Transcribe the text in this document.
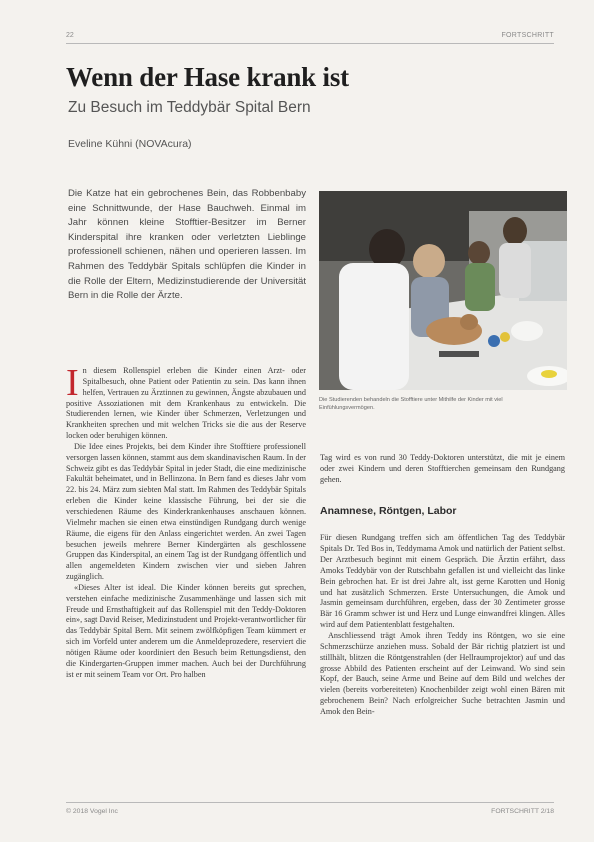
22	FORTSCHRITT
Wenn der Hase krank ist
Zu Besuch im Teddybär Spital Bern
Eveline Kühni (NOVAcura)

Die Katze hat ein gebrochenes Bein, das Robbenbaby eine Schnittwunde, der Hase Bauchweh. Einmal im Jahr können kleine Stofftier-Besitzer im Berner Kinderspital ihre kranken oder verletzten Lieblinge professionell schienen, nähen und operieren lassen. Im Rahmen des Teddybär Spitals schlüpfen die Kinder in die Rolle der Eltern, Medizinstudierende der Universität Bern in die Rolle der Ärzte.

Die Studierenden behandeln die Stofftiere unter Mithilfe der Kinder mit viel Einfühlungsvermögen.

In diesem Rollenspiel erleben die Kinder einen Arzt- oder Spitalbesuch, ohne Patient oder Patientin zu sein. Das kann ihnen helfen, Vertrauen zu Ärztinnen zu gewinnen, Ängste abzubauen und positive Assoziationen mit dem Krankenhaus zu entwickeln. Die Studierenden lernen, wie Kinder über Schmerzen, Verletzungen und Krankheiten sprechen und mit welchen Tricks sie die aus der Reserve locken oder beruhigen können.

Die Idee eines Projekts, bei dem Kinder ihre Stofftiere professionell versorgen lassen können, stammt aus dem skandinavischen Raum. In der Schweiz gibt es das Teddybär Spital in jeder Stadt, die eine medizinische Fakultät beheimatet, und in Bellinzona. In Bern fand es dieses Jahr vom 22. bis 24. März zum siebten Mal statt. Im Rahmen des Teddybär Spitals erleben die Kinder keine klassische Führung, bei der sie die verschiedenen Räume des Kinderkrankenhauses anschauen können. Vielmehr machen sie einen etwa einstündigen Rundgang durch wenige Räume, die eigens für den Anlass eingerichtet werden. An zwei Tagen besuchen jeweils mehrere Berner Kindergärten als geschlossene Gruppen das Kinderspital, an einem Tag ist der Rundgang öffentlich und allen angemeldeten Kindern zwischen vier und sieben Jahren zugänglich.

«Dieses Alter ist ideal. Die Kinder können bereits gut sprechen, verstehen einfache medizinische Zusammenhänge und lassen sich mit Freude und Ernsthaftigkeit auf das Rollenspiel mit den Teddy-Doktoren ein», sagt David Reiser, Medizinstudent und Projekt-verantwortlicher für das Teddybär Spital Bern. Mit seinem zwölfköpfigen Team kümmert er sich im Vorfeld unter anderem um die Anmeldeprozedere, reserviert die nötigen Räume oder koordiniert den Besuch beim Rettungsdienst, den die Kindergarten-Gruppen immer machen. Auch bei der Durchführung ist er mit seinem Team vor Ort. Pro halben

Tag wird es von rund 30 Teddy-Doktoren unterstützt, die mit je einem oder zwei Kindern und deren Stofftierchen gemeinsam den Rundgang gehen.

Anamnese, Röntgen, Labor

Für diesen Rundgang treffen sich am öffentlichen Tag des Teddybär Spitals Dr. Ted Bos in, Teddymama Amok und natürlich der Patient selbst. Der Arztbesuch beginnt mit einem Gespräch. Die Ärztin erfährt, dass Amoks Teddybär von der Rutschbahn gefallen ist und vielleicht das linke Bein gebrochen hat. Er ist drei Jahre alt, isst gerne Karotten und Honig und hat zusätzlich Schmerzen. Erste Untersuchungen, die Amok und Jasmin gemeinsam durchführen, ergeben, dass der 30 Zentimeter grosse Bär 16 Gramm schwer ist und Herz und Lunge einwandfrei klingen. Alles wird auf dem Patientenblatt festgehalten.

Anschliessend trägt Amok ihren Teddy ins Röntgen, wo sie eine Schmerzschürze anziehen muss. Sobald der Bär richtig platziert ist und stillhält, blitzen die Röntgenstrahlen (der Hellraumprojektor) auf und das grosse Abbild des Patienten erscheint auf der Leinwand. Wo sind sein Kopf, der Bauch, seine Arme und Beine auf dem Bild und welches der vielen (bereits vorbereiteten) Knochenbilder zeigt wohl einen Bären mit gebrochenem Bein? Nach erfolgreicher Suche betrachten Jasmin und Amok den Bein-

© 2018 Vogel Inc	FORTSCHRITT 2/18
